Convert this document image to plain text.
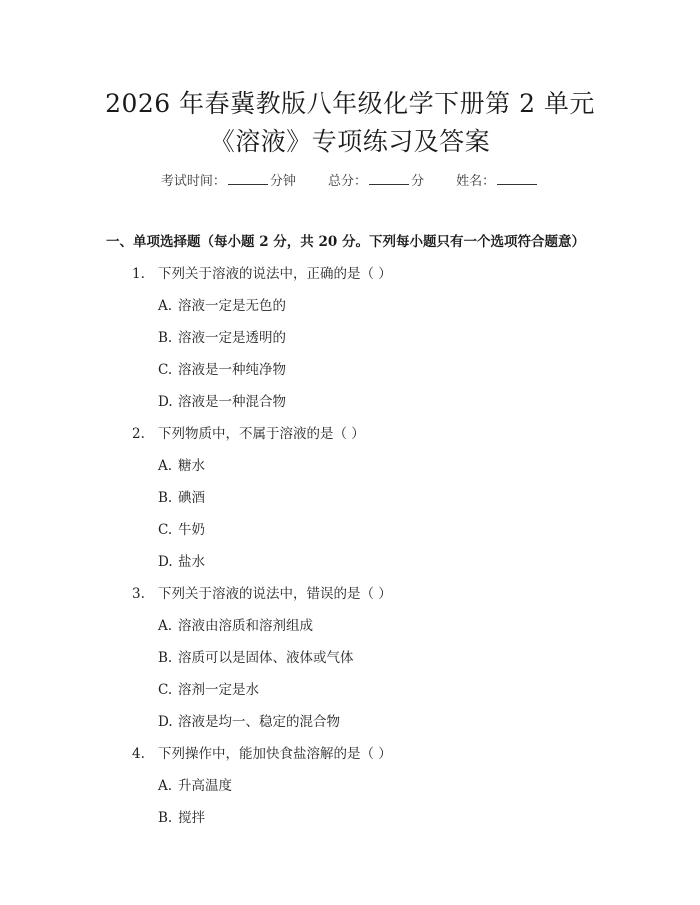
2026 年春冀教版八年级化学下册第 2 单元
《溶液》专项练习及答案
考试时间：	分钟 总分：	分 姓名：
一、单项选择题（每小题 2 分，共 20 分。下列每小题只有一个选项符合题意）
1. 下列关于溶液的说法中，正确的是（ ）
A. 溶液一定是无色的
B. 溶液一定是透明的
C. 溶液是一种纯净物
D. 溶液是一种混合物
2. 下列物质中，不属于溶液的是（ ）
A. 糖水
B. 碘酒
C. 牛奶
D. 盐水
3. 下列关于溶液的说法中，错误的是（ ）
A. 溶液由溶质和溶剂组成
B. 溶质可以是固体、液体或气体
C. 溶剂一定是水
D. 溶液是均一、稳定的混合物
4. 下列操作中，能加快食盐溶解的是（ ）
A. 升高温度
B. 搅拌
